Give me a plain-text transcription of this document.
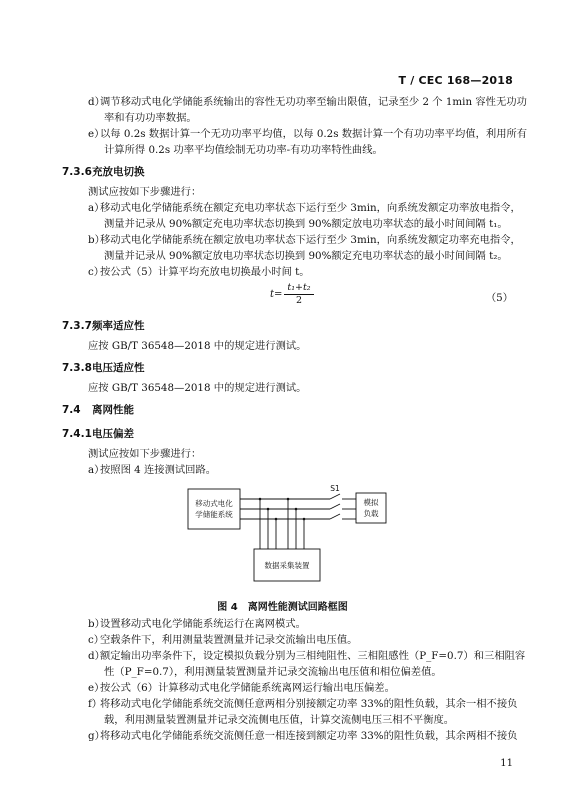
T / CEC 168—2018
d）调节移动式电化学储能系统输出的容性无功功率至输出限值，记录至少 2 个 1min 容性无功功
率和有功功率数据。
e）以每 0.2s 数据计算一个无功功率平均值，以每 0.2s 数据计算一个有功功率平均值，利用所有
计算所得 0.2s 功率平均值绘制无功功率-有功功率特性曲线。
7.3.6充放电切换
测试应按如下步骤进行：
a）移动式电化学储能系统在额定充电功率状态下运行至少 3min，向系统发额定功率放电指令，
测量并记录从 90%额定充电功率状态切换到 90%额定放电功率状态的最小时间间隔 t₁。
b）移动式电化学储能系统在额定放电功率状态下运行至少 3min，向系统发额定功率充电指令，
测量并记录从 90%额定放电功率状态切换到 90%额定充电功率状态的最小时间间隔 t₂。
c）按公式（5）计算平均充放电切换最小时间 t。
$t= \frac{\text{t₁+t₂}}{2}$	（5）
7.3.7频率适应性
应按 GB/T 36548—2018 中的规定进行测试。
7.3.8电压适应性
应按 GB/T 36548—2018 中的规定进行测试。
7.4 离网性能
7.4.1电压偏差
测试应按如下步骤进行：
a）按照图 4 连接测试回路。
移动式电化
学储能系统
模拟
负载
数据采集装置
S1
图 4　离网性能测试回路框图
b）设置移动式电化学储能系统运行在离网模式。
c）空载条件下，利用测量装置测量并记录交流输出电压值。
d）额定输出功率条件下，设定模拟负载分别为三相纯阻性、三相阻感性（P_F=0.7）和三相阻容
性（P_F=0.7），利用测量装置测量并记录交流输出电压值和相位偏差值。
e）按公式（6）计算移动式电化学储能系统离网运行输出电压偏差。
f）将移动式电化学储能系统交流侧任意两相分别接额定功率 33%的阻性负载，其余一相不接负
载，利用测量装置测量并记录交流侧电压值，计算交流侧电压三相不平衡度。
g）将移动式电化学储能系统交流侧任意一相连接到额定功率 33%的阻性负载，其余两相不接负
11
